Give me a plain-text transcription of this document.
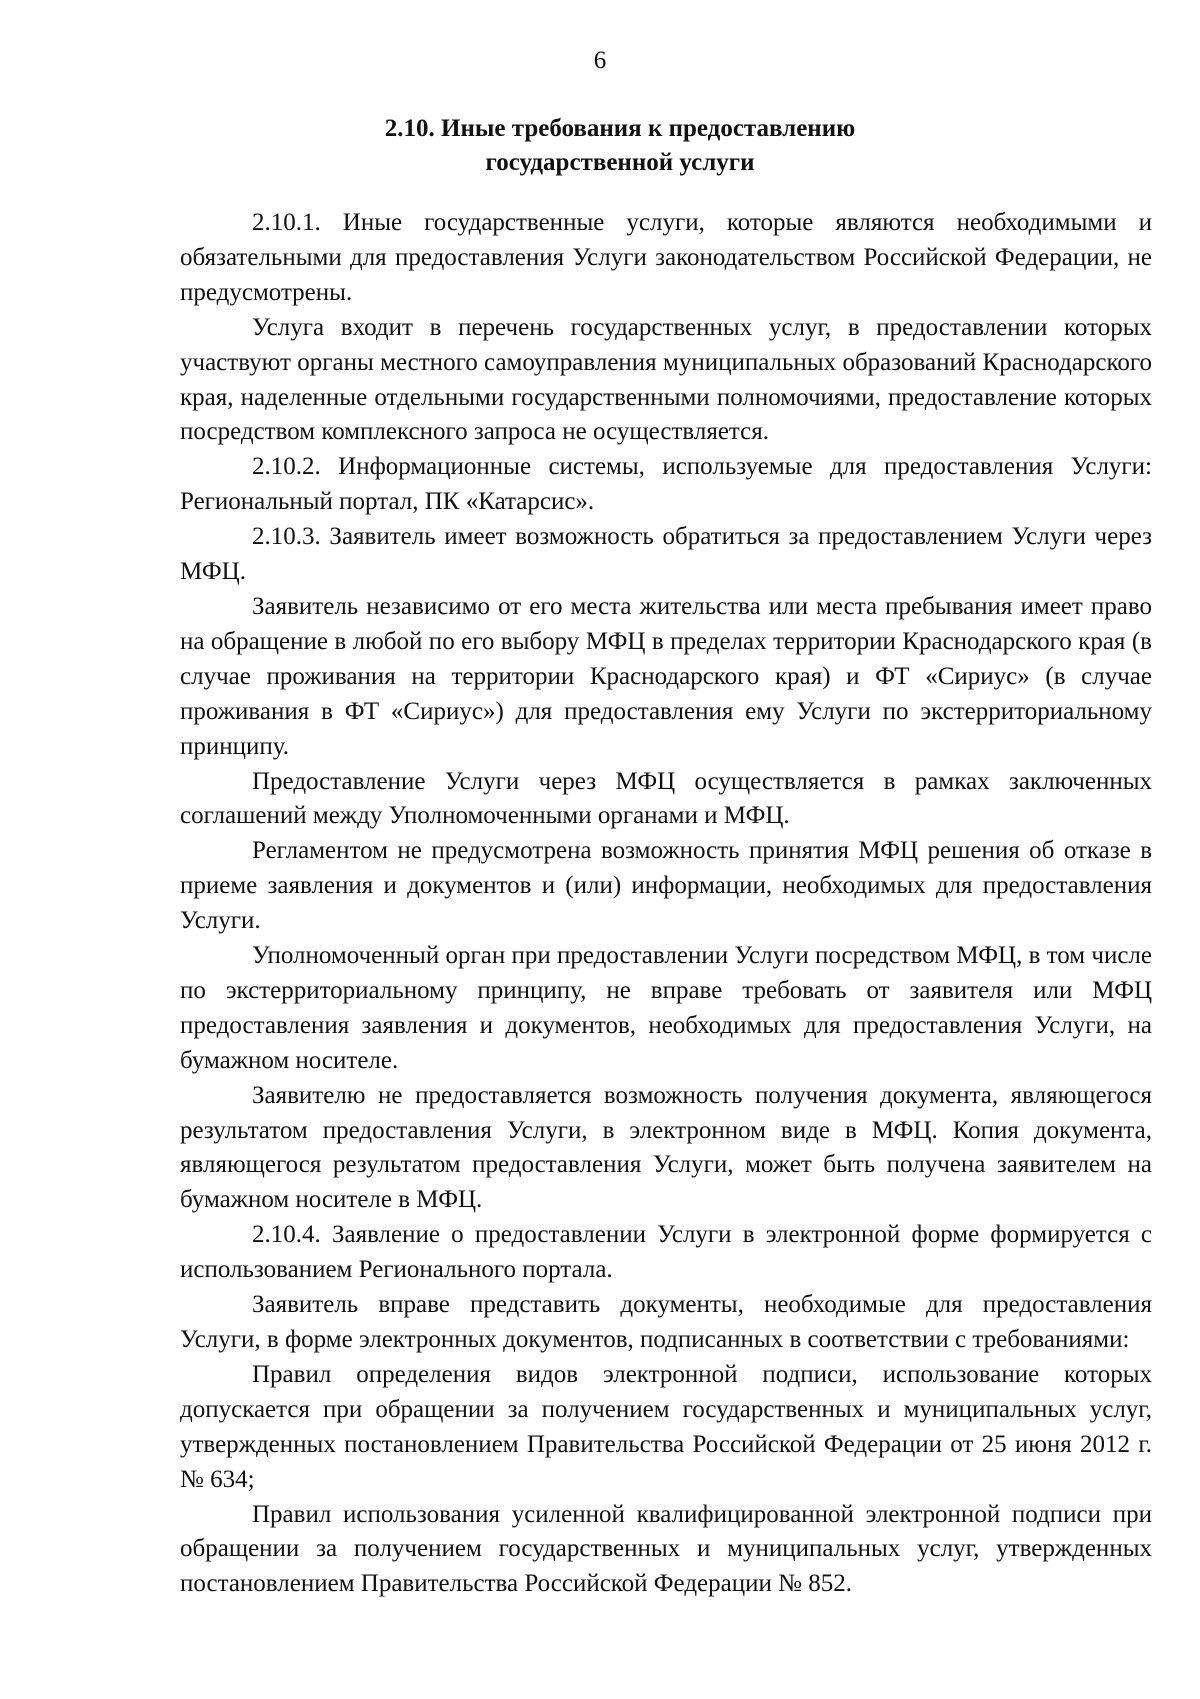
6
2.10. Иные требования к предоставлению
государственной услуги

2.10.1. Иные государственные услуги, которые являются необходимыми и обязательными для предоставления Услуги законодательством Российской Федерации, не предусмотрены.

Услуга входит в перечень государственных услуг, в предоставлении которых участвуют органы местного самоуправления муниципальных образований Краснодарского края, наделенные отдельными государственными полномочиями, предоставление которых посредством комплексного запроса не осуществляется.

2.10.2. Информационные системы, используемые для предоставления Услуги: Региональный портал, ПК «Катарсис».

2.10.3. Заявитель имеет возможность обратиться за предоставлением Услуги через МФЦ.

Заявитель независимо от его места жительства или места пребывания имеет право на обращение в любой по его выбору МФЦ в пределах территории Краснодарского края (в случае проживания на территории Краснодарского края) и ФТ «Сириус» (в случае проживания в ФТ «Сириус») для предоставления ему Услуги по экстерриториальному принципу.

Предоставление Услуги через МФЦ осуществляется в рамках заключенных соглашений между Уполномоченными органами и МФЦ.

Регламентом не предусмотрена возможность принятия МФЦ решения об отказе в приеме заявления и документов и (или) информации, необходимых для предоставления Услуги.

Уполномоченный орган при предоставлении Услуги посредством МФЦ, в том числе по экстерриториальному принципу, не вправе требовать от заявителя или МФЦ предоставления заявления и документов, необходимых для предоставления Услуги, на бумажном носителе.

Заявителю не предоставляется возможность получения документа, являющегося результатом предоставления Услуги, в электронном виде в МФЦ. Копия документа, являющегося результатом предоставления Услуги, может быть получена заявителем на бумажном носителе в МФЦ.

2.10.4. Заявление о предоставлении Услуги в электронной форме формируется с использованием Регионального портала.

Заявитель вправе представить документы, необходимые для предоставления Услуги, в форме электронных документов, подписанных в соответствии с требованиями:

Правил определения видов электронной подписи, использование которых допускается при обращении за получением государственных и муниципальных услуг, утвержденных постановлением Правительства Российской Федерации от 25 июня 2012 г. № 634;

Правил использования усиленной квалифицированной электронной подписи при обращении за получением государственных и муниципальных услуг, утвержденных постановлением Правительства Российской Федерации № 852.
